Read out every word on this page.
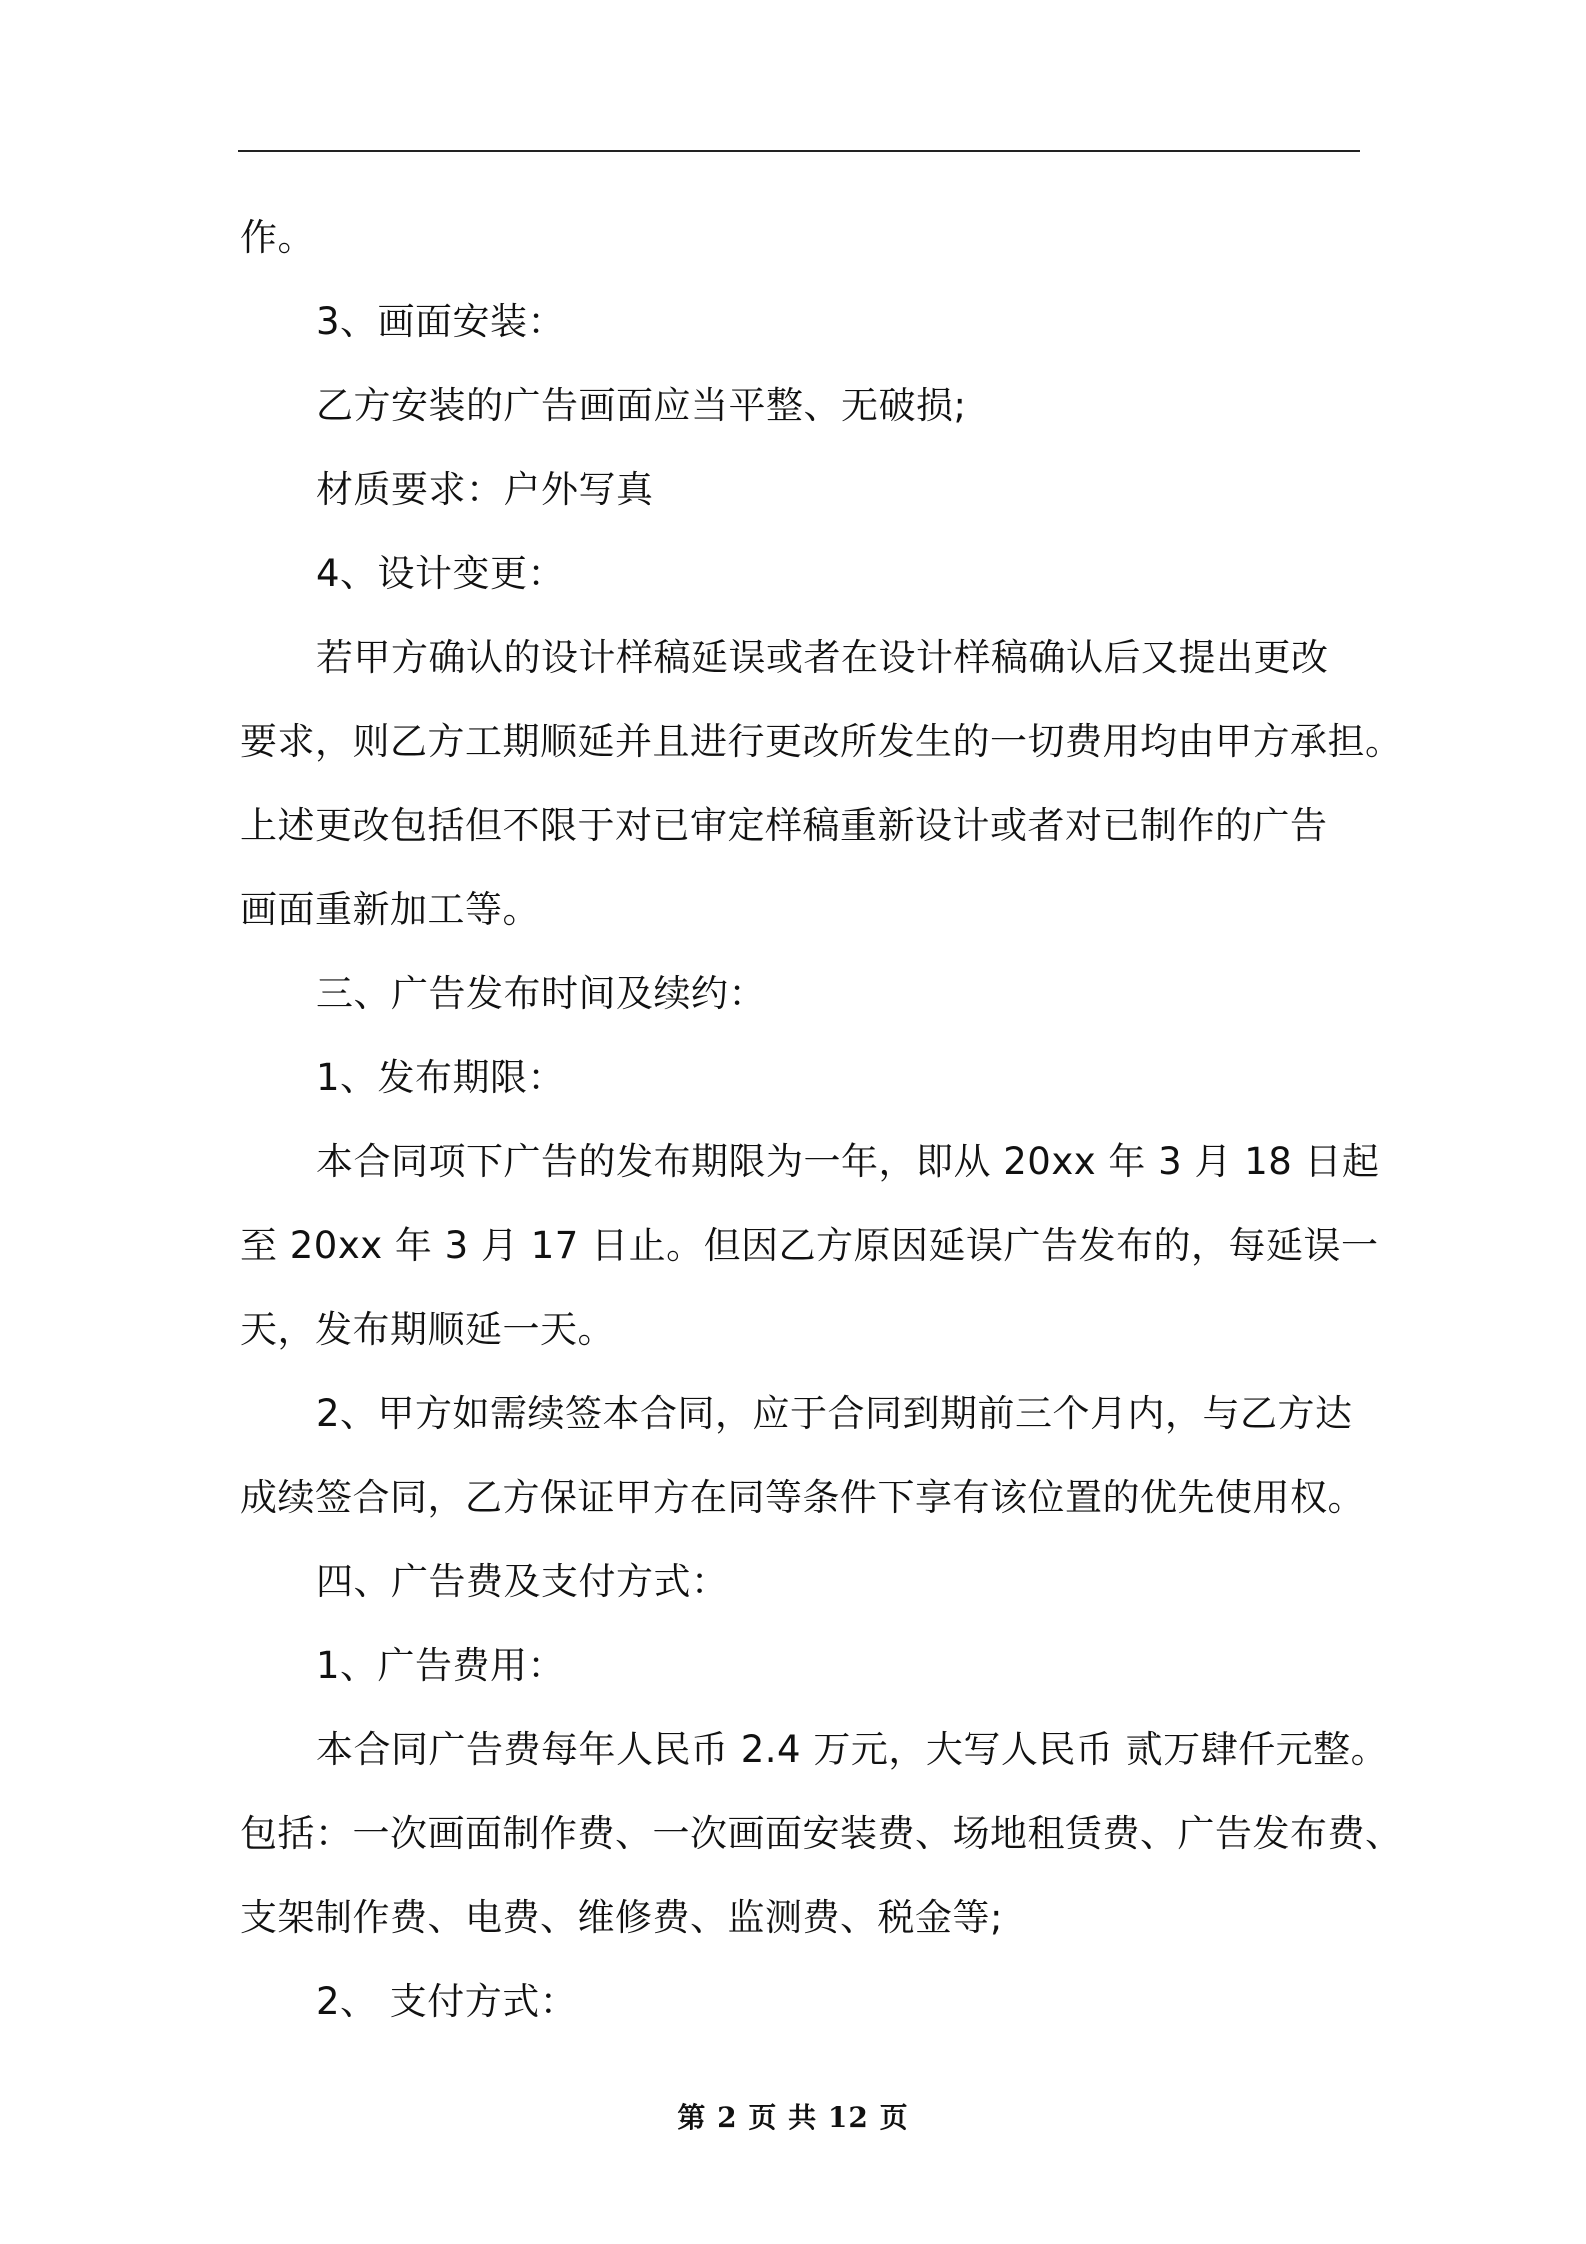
作。
3、画面安装：
乙方安装的广告画面应当平整、无破损;
材质要求：户外写真
4、设计变更：
若甲方确认的设计样稿延误或者在设计样稿确认后又提出更改
要求，则乙方工期顺延并且进行更改所发生的一切费用均由甲方承担。
上述更改包括但不限于对已审定样稿重新设计或者对已制作的广告
画面重新加工等。
三、广告发布时间及续约：
1、发布期限：
本合同项下广告的发布期限为一年，即从 20xx 年 3 月 18 日起
至 20xx 年 3 月 17 日止。但因乙方原因延误广告发布的，每延误一
天，发布期顺延一天。
2、甲方如需续签本合同，应于合同到期前三个月内，与乙方达
成续签合同，乙方保证甲方在同等条件下享有该位置的优先使用权。
四、广告费及支付方式：
1、广告费用：
本合同广告费每年人民币 2.4 万元，大写人民币 贰万肆仟元整。
包括：一次画面制作费、一次画面安装费、场地租赁费、广告发布费、
支架制作费、电费、维修费、监测费、税金等;
2、 支付方式：
第 2 页 共 12 页
